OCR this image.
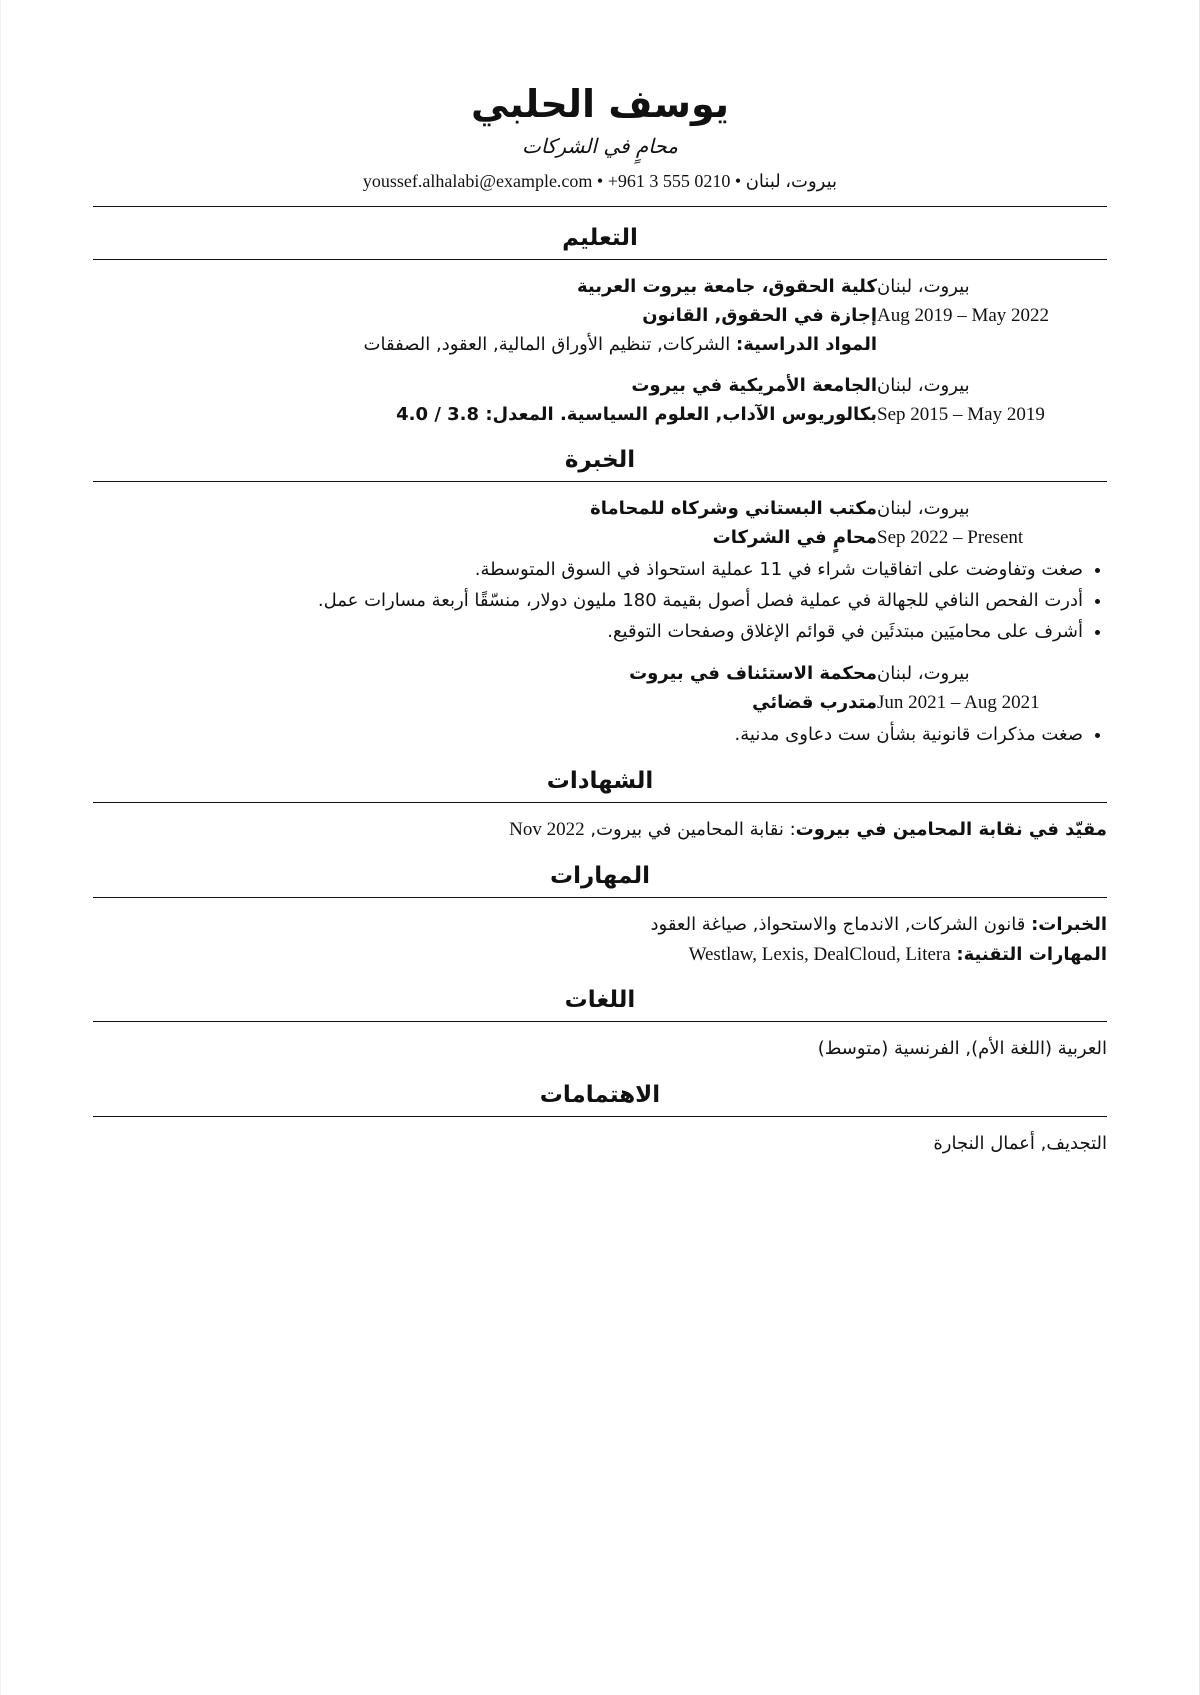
يوسف الحلبي
محامٍ في الشركات
youssef.alhalabi@example.com • +961 3 555 0210 • بيروت، لبنان
التعليم
كلية الحقوق، جامعة بيروت العربية
إجازة في الحقوق, القانون
المواد الدراسية: الشركات, تنظيم الأوراق المالية, العقود, الصفقات
بيروت، لبنان
Aug 2019 – May 2022
الجامعة الأمريكية في بيروت
بكالوريوس الآداب, العلوم السياسية. المعدل: 3.8 / 4.0
بيروت، لبنان
Sep 2015 – May 2019
الخبرة
مكتب البستاني وشركاه للمحاماة
محامٍ في الشركات
بيروت، لبنان
Sep 2022 – Present
• صغت وتفاوضت على اتفاقيات شراء في 11 عملية استحواذ في السوق المتوسطة.
• أدرت الفحص النافي للجهالة في عملية فصل أصول بقيمة 180 مليون دولار، منسّقًا أربعة مسارات عمل.
• أشرف على محاميَين مبتدئَين في قوائم الإغلاق وصفحات التوقيع.
محكمة الاستئناف في بيروت
متدرب قضائي
بيروت، لبنان
Jun 2021 – Aug 2021
• صغت مذكرات قانونية بشأن ست دعاوى مدنية.
الشهادات
مقيّد في نقابة المحامين في بيروت: نقابة المحامين في بيروت, Nov 2022
المهارات
الخبرات: قانون الشركات, الاندماج والاستحواذ, صياغة العقود
المهارات التقنية: Westlaw, Lexis, DealCloud, Litera
اللغات
العربية (اللغة الأم), الفرنسية (متوسط)
الاهتمامات
التجديف, أعمال النجارة
